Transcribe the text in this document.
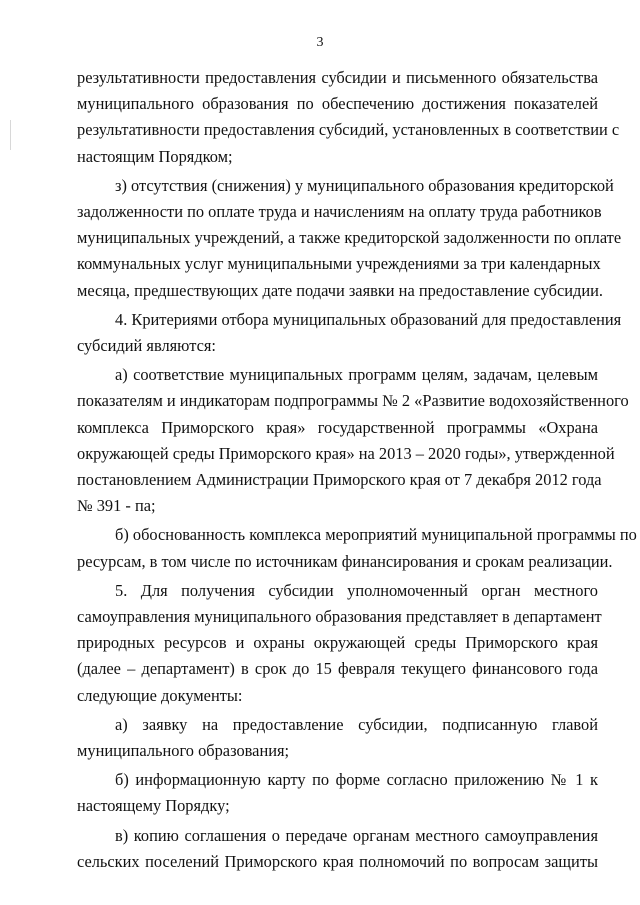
3
результативности предоставления субсидии и письменного обязательства
муниципального образования по обеспечению достижения показателей
результативности предоставления субсидий, установленных в соответствии с
настоящим Порядком;
з) отсутствия (снижения) у муниципального образования кредиторской
задолженности по оплате труда и начислениям на оплату труда работников
муниципальных учреждений, а также кредиторской задолженности по оплате
коммунальных услуг муниципальными учреждениями за три календарных
месяца, предшествующих дате подачи заявки на предоставление субсидии.
4. Критериями отбора муниципальных образований для предоставления
субсидий являются:
а) соответствие муниципальных программ целям, задачам, целевым
показателям и индикаторам подпрограммы № 2 «Развитие водохозяйственного
комплекса Приморского края» государственной программы «Охрана
окружающей среды Приморского края» на 2013 – 2020 годы», утвержденной
постановлением Администрации Приморского края от 7 декабря 2012 года
№ 391 - па;
б) обоснованность комплекса мероприятий муниципальной программы по
ресурсам, в том числе по источникам финансирования и срокам реализации.
5. Для получения субсидии уполномоченный орган местного
самоуправления муниципального образования представляет в департамент
природных ресурсов и охраны окружающей среды Приморского края
(далее – департамент) в срок до 15 февраля текущего финансового года
следующие документы:
а) заявку на предоставление субсидии, подписанную главой
муниципального образования;
б) информационную карту по форме согласно приложению № 1 к
настоящему Порядку;
в) копию соглашения о передаче органам местного самоуправления
сельских поселений Приморского края полномочий по вопросам защиты
